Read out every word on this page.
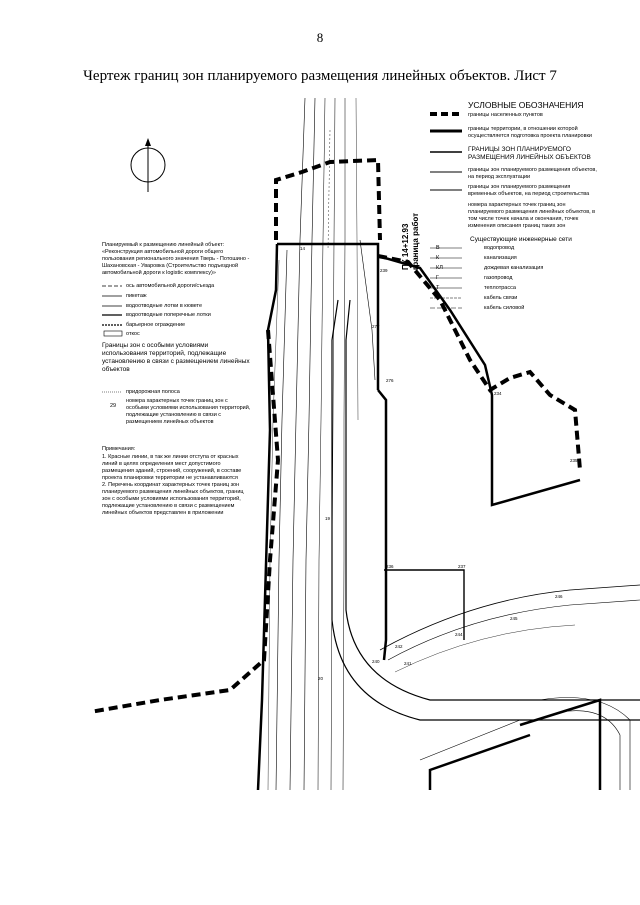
8
Чертеж границ зон планируемого размещения линейных объектов. Лист 7
239
277
276
234
235
236	237
242
240	241
244
245
246
14
19
20
ПК 14+12.93 граница работ
УСЛОВНЫЕ ОБОЗНАЧЕНИЯ
границы населенных пунктов
границы территории, в отношении которой осуществляется подготовка проекта планировки
ГРАНИЦЫ ЗОН ПЛАНИРУЕМОГО РАЗМЕЩЕНИЯ ЛИНЕЙНЫХ ОБЪЕКТОВ
границы зон планируемого размещения объектов, на период эксплуатации
границы зон планируемого размещения временных объектов, на период строительства
номера характерных точек границ зон планируемого размещения линейных объектов, в том числе точек начала и окончания, точек изменения описания границ таких зон
Существующие инженерные сети
водопровод
канализация
дождевая канализация
газопровод
теплотрасса
кабель связи
кабель силовой
В
К
КЛ
Г
Т
Планируемый к размещению линейный объект: «Реконструкция автомобильной дороги общего пользования регионального значения Тверь - Потошино - Шахановская - Уваровка (Строительство подъездной автомобильной дороги к logistic комплексу)»
ось автомобильной дороги/съезда
пикетаж
водоотводные лотки в кювете
водоотводные поперечные лотки
барьерное ограждение
откос
Границы зон с особыми условиями использования территорий, подлежащие установлению в связи с размещением линейных объектов
придорожная полоса
29
номера характерных точек границ зон с особыми условиями использования территорий, подлежащие установлению в связи с размещением линейных объектов
Примечания:
1. Красные линии, в так же линии отступа от красных линий в целях определения мест допустимого размещения зданий, строений, сооружений, в составе проекта планировки территории не устанавливаются
2. Перечень координат характерных точек границ зон планируемого размещения линейных объектов, границ зон с особыми условиями использования территорий, подлежащие установлению в связи с размещением линейных объектов представлен в приложении
